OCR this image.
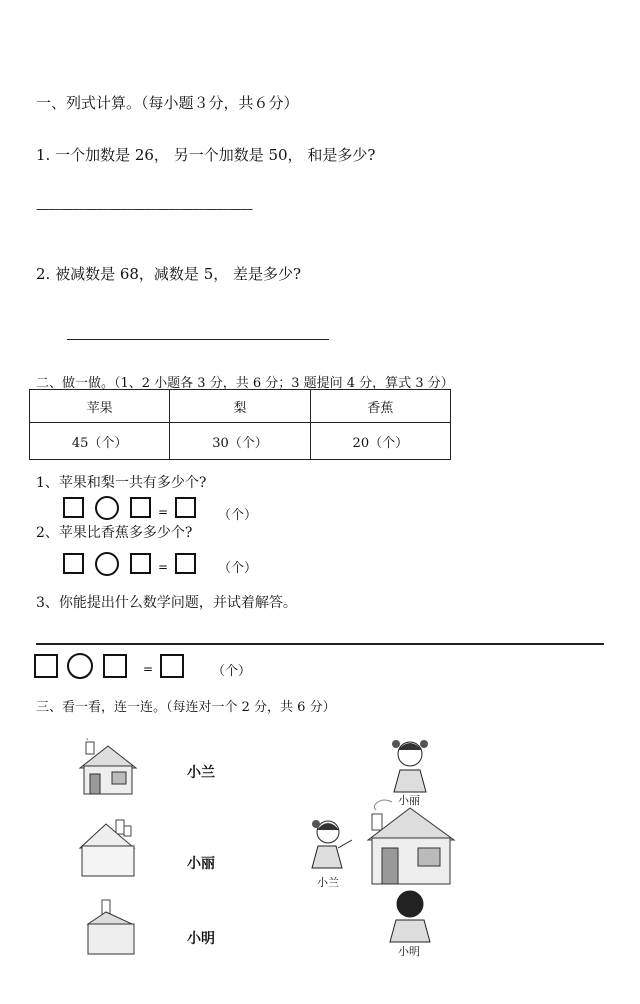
一、列式计算。（每小题３分，共６分）
1. 一个加数是 26， 另一个加数是 50， 和是多少?
——————————————————
2. 被减数是 68，减数是 5， 差是多少?
二、做一做。（1、2 小题各 3 分，共 6 分；3 题提问 4 分，算式 3 分）
苹果	梨	香蕉
45（个）	30（个）	20（个）
1、苹果和梨一共有多少个?
=	（个）
2、苹果比香蕉多多少个?
=	（个）
3、你能提出什么数学问题，并试着解答。
=	（个）
三、看一看，连一连。（每连对一个 2 分，共 6 分）
小兰
小丽
小明
小丽
小兰
小明
